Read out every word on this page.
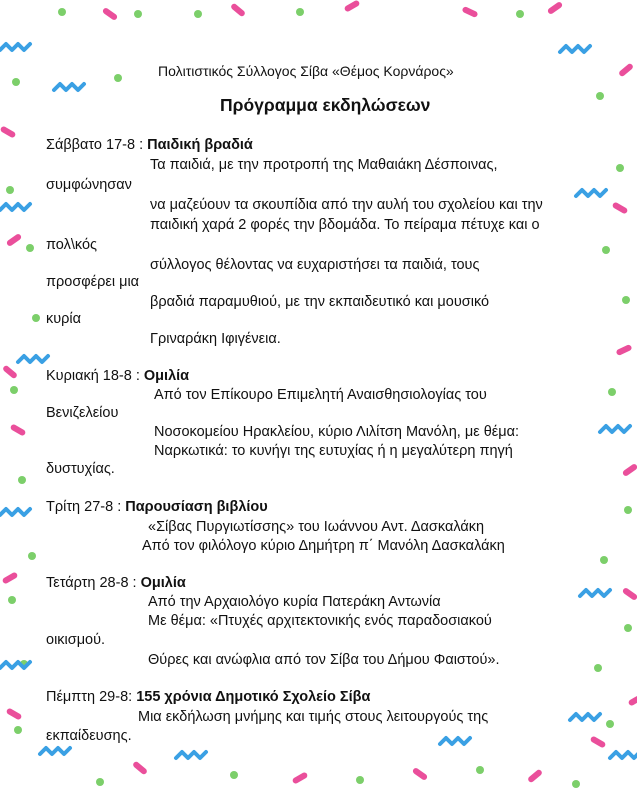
Πολιτιστικός Σύλλογος Σίβα «Θέμος Κορνάρος»
Πρόγραμμα εκδηλώσεων
Σάββατο 17-8 : Παιδική βραδιά
Τα παιδιά, με την προτροπή της Μαθαιάκη Δέσποινας,
συμφώνησαν
να μαζεύουν τα σκουπίδια από την αυλή του σχολείου και την
παιδική χαρά 2 φορές την βδομάδα. Το πείραμα πέτυχε και ο
πολ\κός
σύλλογος θέλοντας να ευχαριστήσει τα παιδιά, τους
προσφέρει μια
βραδιά παραμυθιού, με την εκπαιδευτικό και μουσικό
κυρία
Γριναράκη Ιφιγένεια.
Κυριακή 18-8 : Ομιλία
Από τον Επίκουρο Επιμελητή Αναισθησιολογίας του
Βενιζελείου
Νοσοκομείου Ηρακλείου, κύριο Λιλίτση Μανόλη, με θέμα:
Ναρκωτικά: το κυνήγι της ευτυχίας ή η μεγαλύτερη πηγή
δυστυχίας.
Τρίτη 27-8 : Παρουσίαση βιβλίου
«Σίβας Πυργιωτίσσης» του Ιωάννου Αντ. Δασκαλάκη
Από τον φιλόλογο κύριο Δημήτρη π΄ Μανόλη Δασκαλάκη
Τετάρτη 28-8 : Ομιλία
Από την Αρχαιολόγο κυρία Πατεράκη Αντωνία
Με θέμα: «Πτυχές αρχιτεκτονικής ενός παραδοσιακού
οικισμού.
Θύρες και ανώφλια από τον Σίβα του Δήμου Φαιστού».
Πέμπτη 29-8: 155 χρόνια Δημοτικό Σχολείο Σίβα
Μια εκδήλωση μνήμης και τιμής στους λειτουργούς της
εκπαίδευσης.
